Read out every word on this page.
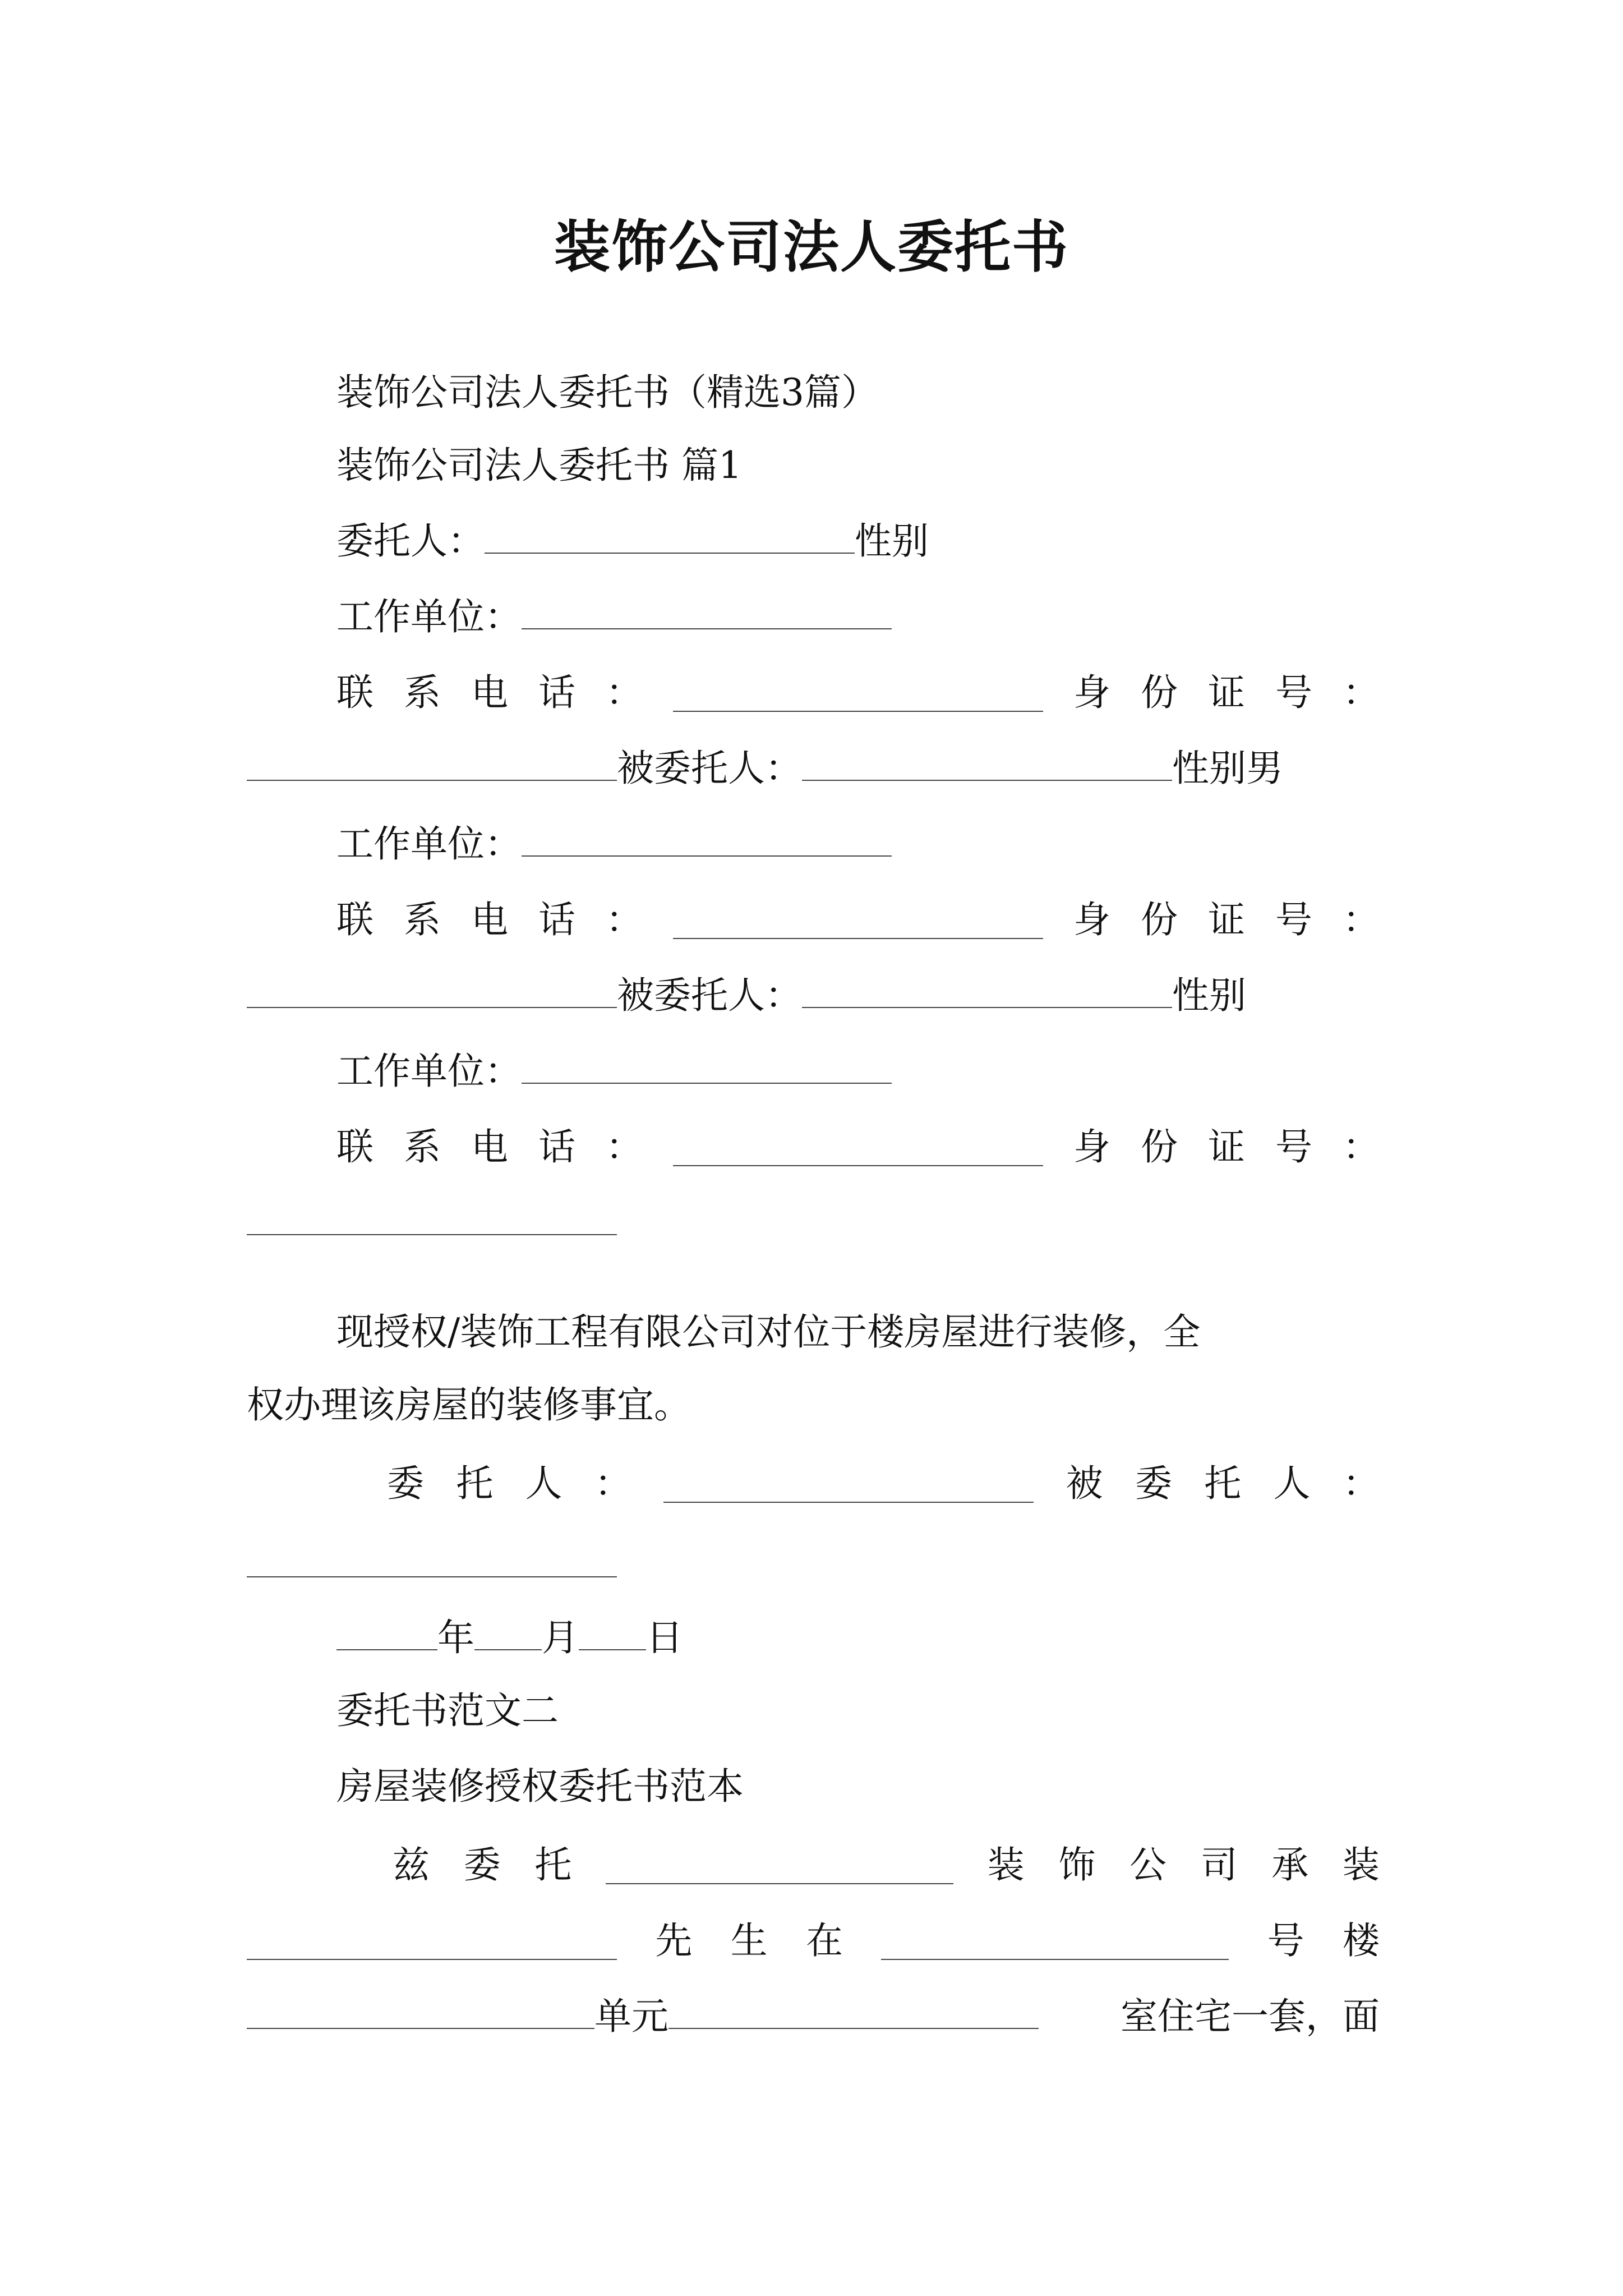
装饰公司法人委托书
装饰公司法人委托书（精选3篇）
装饰公司法人委托书 篇1
委托人：	性别
工作单位：
联 系 电 话 ：	身 份 证 号 ：
被委托人：	性别男
工作单位：
联 系 电 话 ：	身 份 证 号 ：
被委托人：	性别
工作单位：
联 系 电 话 ：	身 份 证 号 ：
现授权/装饰工程有限公司对位于楼房屋进行装修，全
权办理该房屋的装修事宜。
委 托 人 ：	被 委 托 人 ：
年 月 日
委托书范文二
房屋装修授权委托书范本
兹 委 托	装 饰 公 司 承 装
先 生 在	号 楼
单元	室住宅一套，面
